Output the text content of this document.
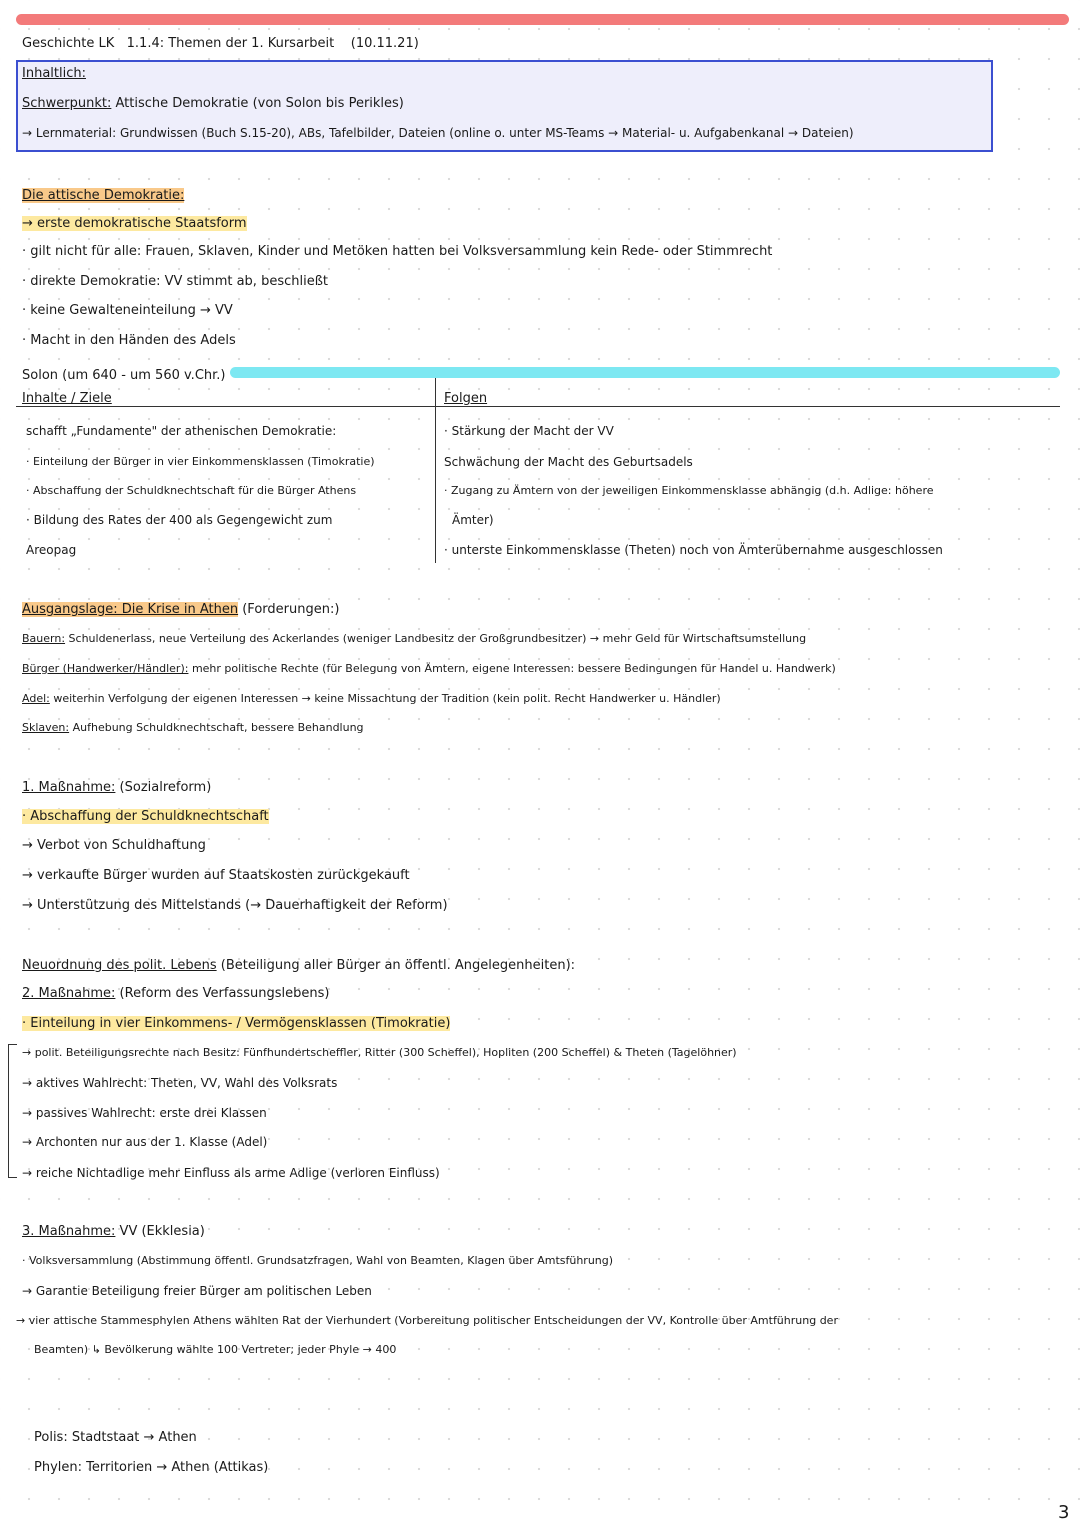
Geschichte LK 1.1.4: Themen der 1. Kursarbeit (10.11.21)
Inhaltlich:
Schwerpunkt: Attische Demokratie (von Solon bis Perikles)
→ Lernmaterial: Grundwissen (Buch S.15-20), ABs, Tafelbilder, Dateien (online o. unter MS-Teams → Material- u. Aufgabenkanal → Dateien)
Die attische Demokratie:
→ erste demokratische Staatsform
· gilt nicht für alle: Frauen, Sklaven, Kinder und Metöken hatten bei Volksversammlung kein Rede- oder Stimmrecht
· direkte Demokratie: VV stimmt ab, beschließt
· keine Gewalteneinteilung → VV
· Macht in den Händen des Adels
Solon (um 640 - um 560 v.Chr.)
Inhalte / Ziele	Folgen
schafft „Fundamente" der athenischen Demokratie:
· Einteilung der Bürger in vier Einkommensklassen (Timokratie)
· Abschaffung der Schuldknechtschaft für die Bürger Athens
· Bildung des Rates der 400 als Gegengewicht zum
Areopag
· Stärkung der Macht der VV
Schwächung der Macht des Geburtsadels
· Zugang zu Ämtern von der jeweiligen Einkommensklasse abhängig (d.h. Adlige: höhere
Ämter)
· unterste Einkommensklasse (Theten) noch von Ämterübernahme ausgeschlossen
Ausgangslage: Die Krise in Athen (Forderungen:)
Bauern: Schuldenerlass, neue Verteilung des Ackerlandes (weniger Landbesitz der Großgrundbesitzer) → mehr Geld für Wirtschaftsumstellung
Bürger (Handwerker/Händler): mehr politische Rechte (für Belegung von Ämtern, eigene Interessen: bessere Bedingungen für Handel u. Handwerk)
Adel: weiterhin Verfolgung der eigenen Interessen → keine Missachtung der Tradition (kein polit. Recht Handwerker u. Händler)
Sklaven: Aufhebung Schuldknechtschaft, bessere Behandlung
1. Maßnahme: (Sozialreform)
· Abschaffung der Schuldknechtschaft
→ Verbot von Schuldhaftung
→ verkaufte Bürger wurden auf Staatskosten zurückgekauft
→ Unterstützung des Mittelstands (→ Dauerhaftigkeit der Reform)
Neuordnung des polit. Lebens (Beteiligung aller Bürger an öffentl. Angelegenheiten):
2. Maßnahme: (Reform des Verfassungslebens)
· Einteilung in vier Einkommens- / Vermögensklassen (Timokratie)
→ polit. Beteiligungsrechte nach Besitz: Fünfhundertscheffler, Ritter (300 Scheffel), Hopliten (200 Scheffel) & Theten (Tagelöhner)
→ aktives Wahlrecht: Theten, VV, Wahl des Volksrats
→ passives Wahlrecht: erste drei Klassen
→ Archonten nur aus der 1. Klasse (Adel)
→ reiche Nichtadlige mehr Einfluss als arme Adlige (verloren Einfluss)
3. Maßnahme: VV (Ekklesia)
· Volksversammlung (Abstimmung öffentl. Grundsatzfragen, Wahl von Beamten, Klagen über Amtsführung)
→ Garantie Beteiligung freier Bürger am politischen Leben
→ vier attische Stammesphylen Athens wählten Rat der Vierhundert (Vorbereitung politischer Entscheidungen der VV, Kontrolle über Amtführung der
Beamten) ↳ Bevölkerung wählte 100 Vertreter; jeder Phyle → 400
Polis: Stadtstaat → Athen
Phylen: Territorien → Athen (Attikas)
3
